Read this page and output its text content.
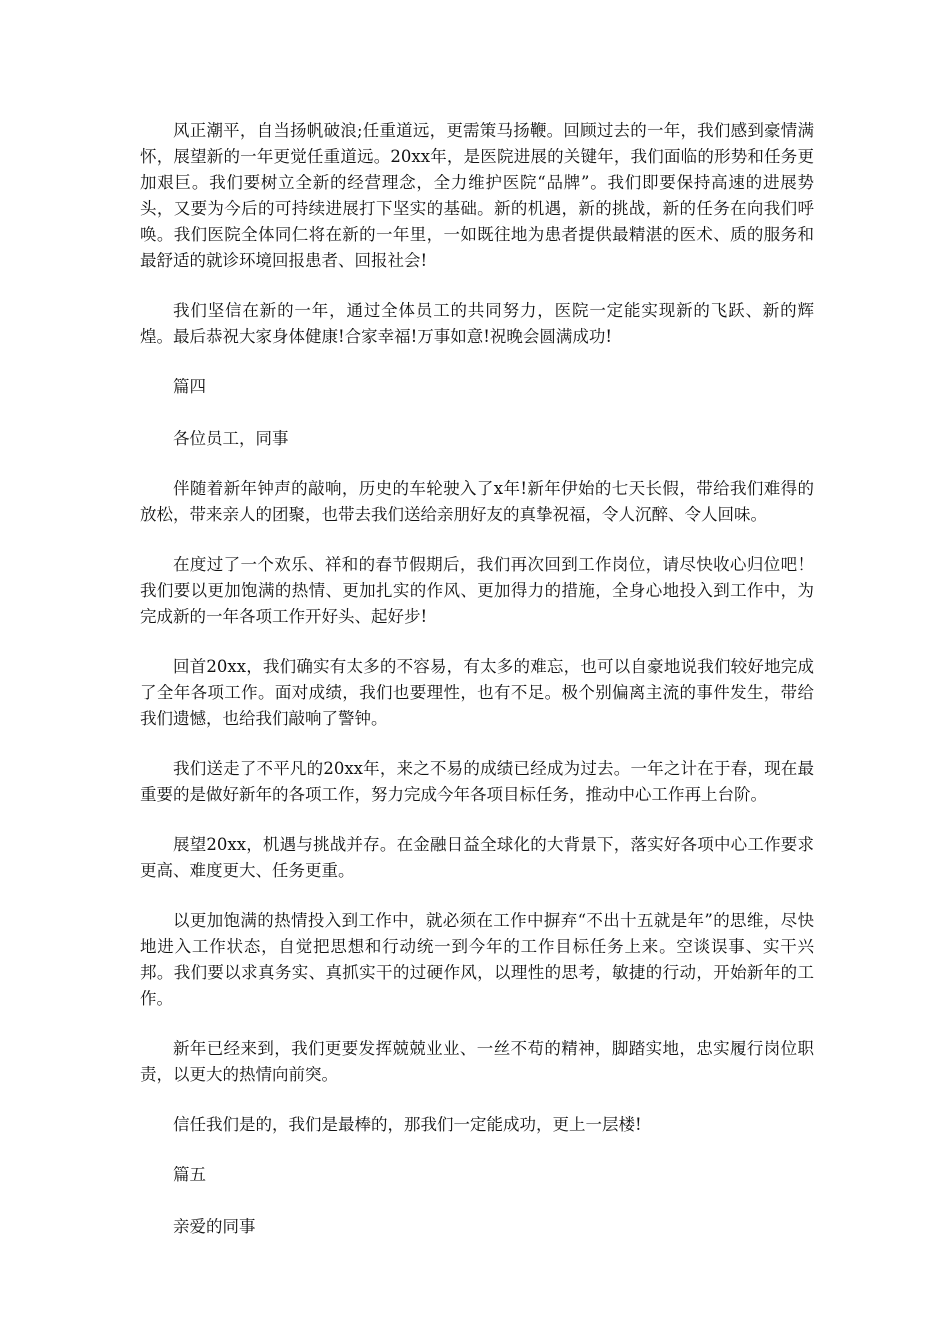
风正潮平，自当扬帆破浪;任重道远，更需策马扬鞭。回顾过去的一年，我们感到豪情满怀，展望新的一年更觉任重道远。20xx年，是医院进展的关键年，我们面临的形势和任务更加艰巨。我们要树立全新的经营理念，全力维护医院“品牌”。我们即要保持高速的进展势头，又要为今后的可持续进展打下坚实的基础。新的机遇，新的挑战，新的任务在向我们呼唤。我们医院全体同仁将在新的一年里，一如既往地为患者提供最精湛的医术、质的服务和最舒适的就诊环境回报患者、回报社会!

我们坚信在新的一年，通过全体员工的共同努力，医院一定能实现新的飞跃、新的辉煌。最后恭祝大家身体健康!合家幸福!万事如意!祝晚会圆满成功!

篇四

各位员工，同事

伴随着新年钟声的敲响，历史的车轮驶入了x年!新年伊始的七天长假，带给我们难得的放松，带来亲人的团聚，也带去我们送给亲朋好友的真挚祝福，令人沉醉、令人回味。

在度过了一个欢乐、祥和的春节假期后，我们再次回到工作岗位，请尽快收心归位吧！我们要以更加饱满的热情、更加扎实的作风、更加得力的措施，全身心地投入到工作中，为完成新的一年各项工作开好头、起好步!

回首20xx，我们确实有太多的不容易，有太多的难忘，也可以自豪地说我们较好地完成了全年各项工作。面对成绩，我们也要理性，也有不足。极个别偏离主流的事件发生，带给我们遗憾，也给我们敲响了警钟。

我们送走了不平凡的20xx年，来之不易的成绩已经成为过去。一年之计在于春，现在最重要的是做好新年的各项工作，努力完成今年各项目标任务，推动中心工作再上台阶。

展望20xx，机遇与挑战并存。在金融日益全球化的大背景下，落实好各项中心工作要求更高、难度更大、任务更重。

以更加饱满的热情投入到工作中，就必须在工作中摒弃“不出十五就是年”的思维，尽快地进入工作状态，自觉把思想和行动统一到今年的工作目标任务上来。空谈误事、实干兴邦。我们要以求真务实、真抓实干的过硬作风，以理性的思考，敏捷的行动，开始新年的工作。

新年已经来到，我们更要发挥兢兢业业、一丝不苟的精神，脚踏实地，忠实履行岗位职责，以更大的热情向前突。

信任我们是的，我们是最棒的，那我们一定能成功，更上一层楼!

篇五

亲爱的同事
